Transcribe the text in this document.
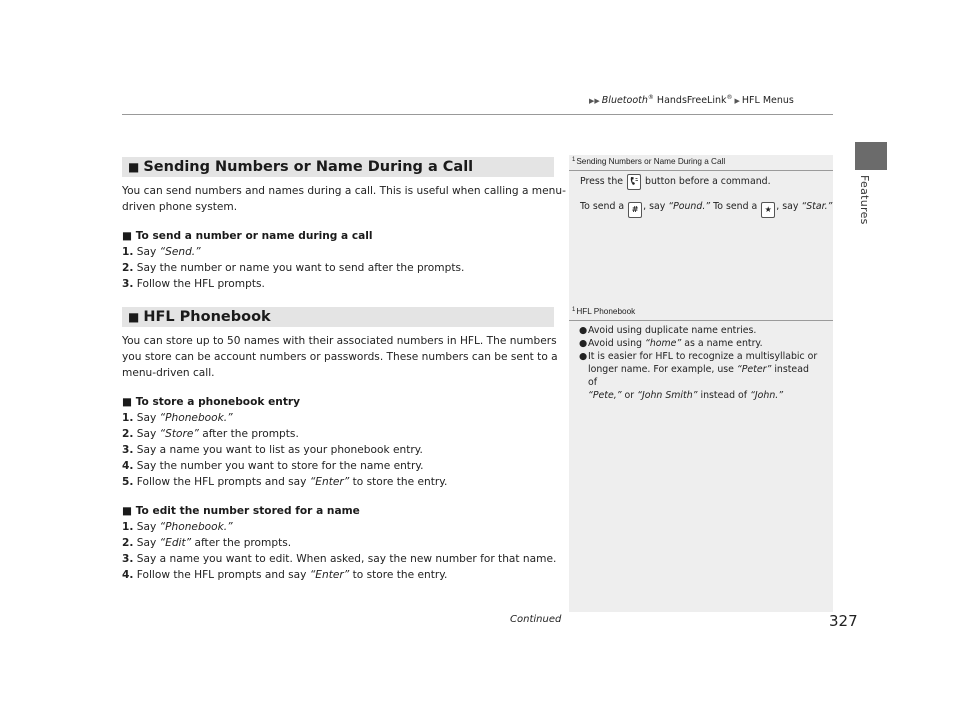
▶▶ Bluetooth® HandsFreeLink® ▶ HFL Menus
Features
■ Sending Numbers or Name During a Call
You can send numbers and names during a call. This is useful when calling a menu-
driven phone system.
■ To send a number or name during a call
1. Say “Send.”
2. Say the number or name you want to send after the prompts.
3. Follow the HFL prompts.
■ HFL Phonebook
You can store up to 50 names with their associated numbers in HFL. The numbers
you store can be account numbers or passwords. These numbers can be sent to a
menu-driven call.
■ To store a phonebook entry
1. Say “Phonebook.”
2. Say “Store” after the prompts.
3. Say a name you want to list as your phonebook entry.
4. Say the number you want to store for the name entry.
5. Follow the HFL prompts and say “Enter” to store the entry.
■ To edit the number stored for a name
1. Say “Phonebook.”
2. Say “Edit” after the prompts.
3. Say a name you want to edit. When asked, say the new number for that name.
4. Follow the HFL prompts and say “Enter” to store the entry.
$^1$Sending Numbers or Name During a Call
Press the  button before a command.
To send a # , say “Pound.” To send a ★ , say “Star.”
$^1$HFL Phonebook
● Avoid using duplicate name entries.
● Avoid using “home” as a name entry.
● It is easier for HFL to recognize a multisyllabic or
longer name. For example, use “Peter” instead of
“Pete,” or “John Smith” instead of “John.”
Continued	327
